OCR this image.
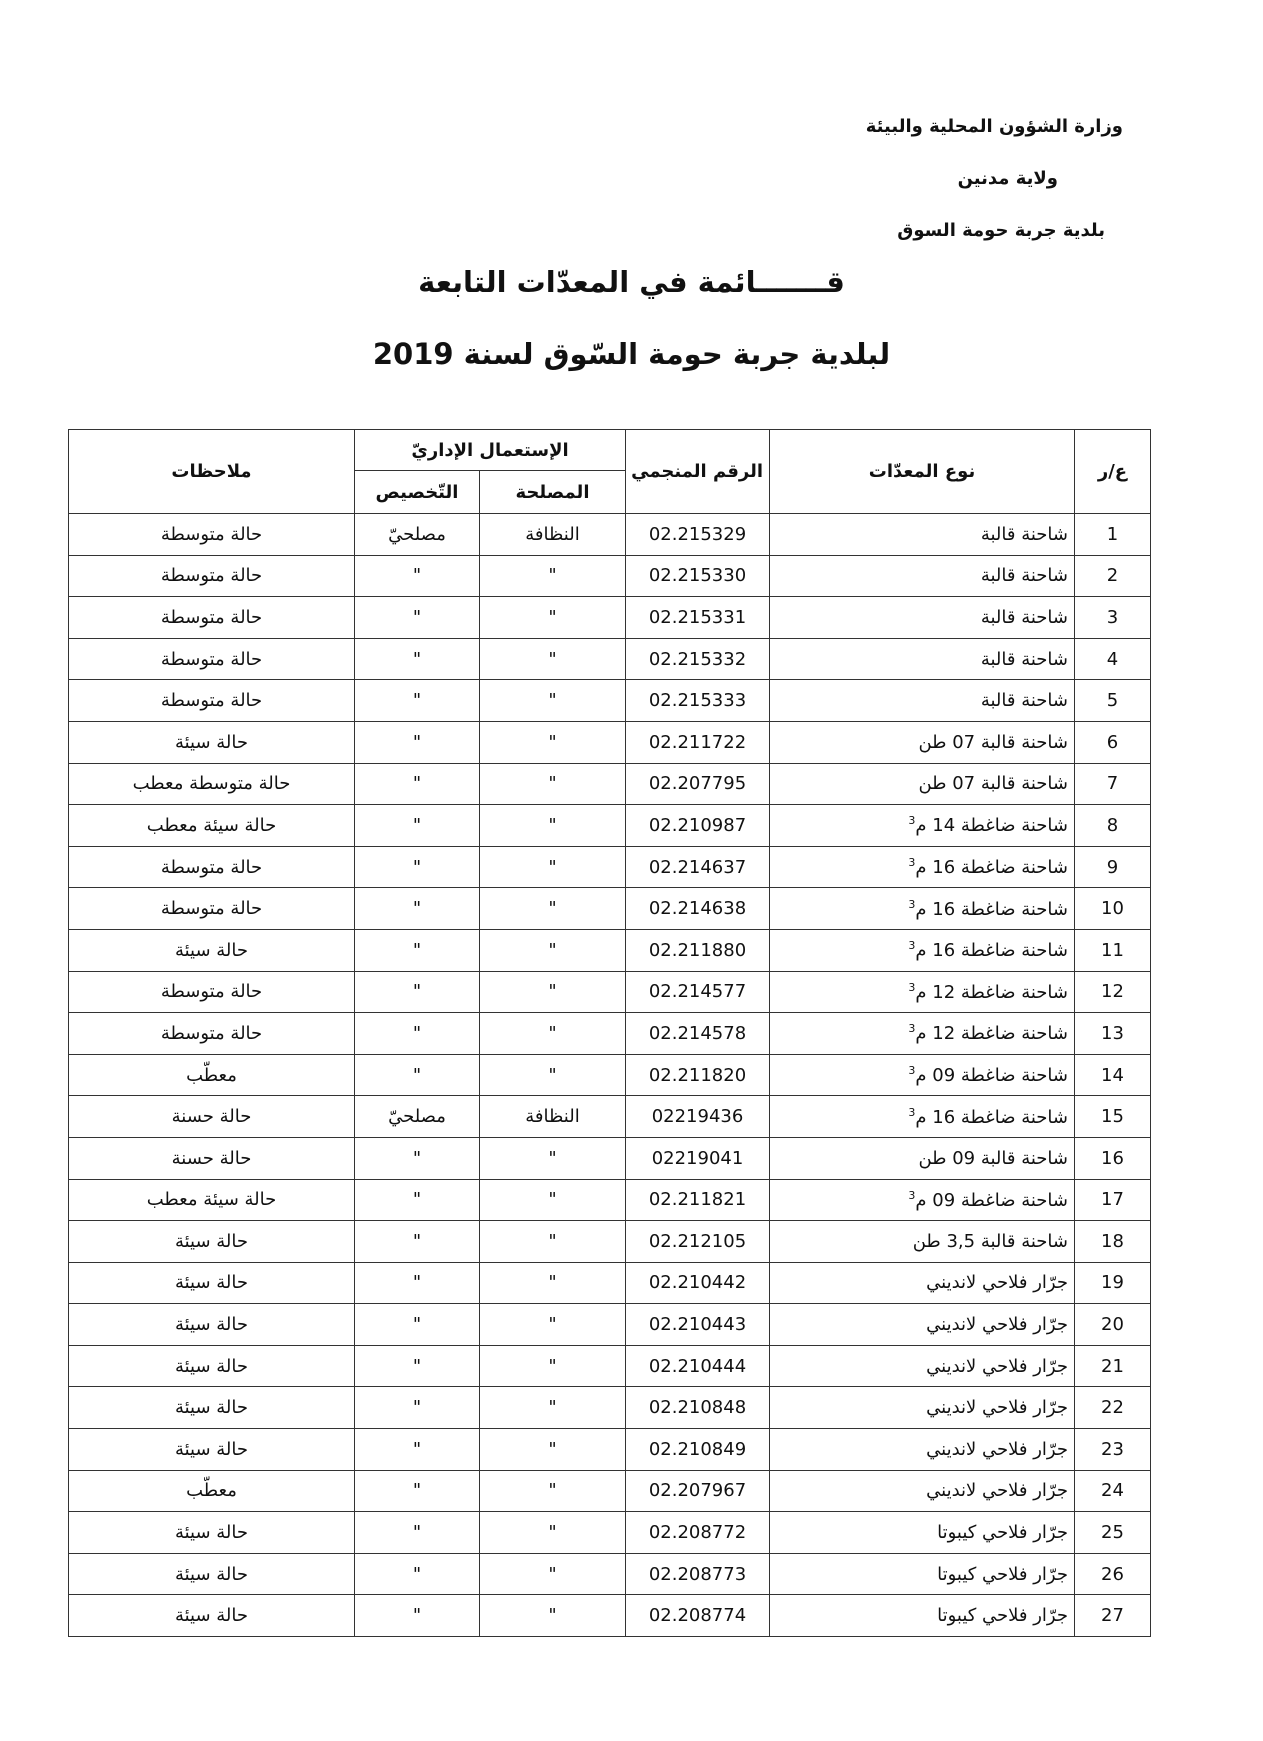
وزارة الشؤون المحلية والبيئة
ولاية مدنين
بلدية جربة حومة السوق
قـــــــائمة في المعدّات التابعة
لبلدية جربة حومة السّوق لسنة 2019
ع/ر	نوع المعدّات	الرقم المنجمي	الإستعمال الإداريّ		ملاحظات
			المصلحة	التّخصيص	
1	شاحنة قالبة	02.215329	النظافة	مصلحيّ	حالة متوسطة
2	شاحنة قالبة	02.215330	"	"	حالة متوسطة
3	شاحنة قالبة	02.215331	"	"	حالة متوسطة
4	شاحنة قالبة	02.215332	"	"	حالة متوسطة
5	شاحنة قالبة	02.215333	"	"	حالة متوسطة
6	شاحنة قالبة 07 طن	02.211722	"	"	حالة سيئة
7	شاحنة قالبة 07 طن	02.207795	"	"	حالة متوسطة معطب
8	شاحنة ضاغطة 14 م$^3$	02.210987	"	"	حالة سيئة معطب
9	شاحنة ضاغطة 16 م$^3$	02.214637	"	"	حالة متوسطة
10	شاحنة ضاغطة 16 م$^3$	02.214638	"	"	حالة متوسطة
11	شاحنة ضاغطة 16 م$^3$	02.211880	"	"	حالة سيئة
12	شاحنة ضاغطة 12 م$^3$	02.214577	"	"	حالة متوسطة
13	شاحنة ضاغطة 12 م$^3$	02.214578	"	"	حالة متوسطة
14	شاحنة ضاغطة 09 م$^3$	02.211820	"	"	معطّب
15	شاحنة ضاغطة 16 م$^3$	02219436	النظافة	مصلحيّ	حالة حسنة
16	شاحنة قالبة 09 طن	02219041	"	"	حالة حسنة
17	شاحنة ضاغطة 09 م$^3$	02.211821	"	"	حالة سيئة معطب
18	شاحنة قالبة 3,5 طن	02.212105	"	"	حالة سيئة
19	جرّار فلاحي لانديني	02.210442	"	"	حالة سيئة
20	جرّار فلاحي لانديني	02.210443	"	"	حالة سيئة
21	جرّار فلاحي لانديني	02.210444	"	"	حالة سيئة
22	جرّار فلاحي لانديني	02.210848	"	"	حالة سيئة
23	جرّار فلاحي لانديني	02.210849	"	"	حالة سيئة
24	جرّار فلاحي لانديني	02.207967	"	"	معطّب
25	جرّار فلاحي كيبوتا	02.208772	"	"	حالة سيئة
26	جرّار فلاحي كيبوتا	02.208773	"	"	حالة سيئة
27	جرّار فلاحي كيبوتا	02.208774	"	"	حالة سيئة
